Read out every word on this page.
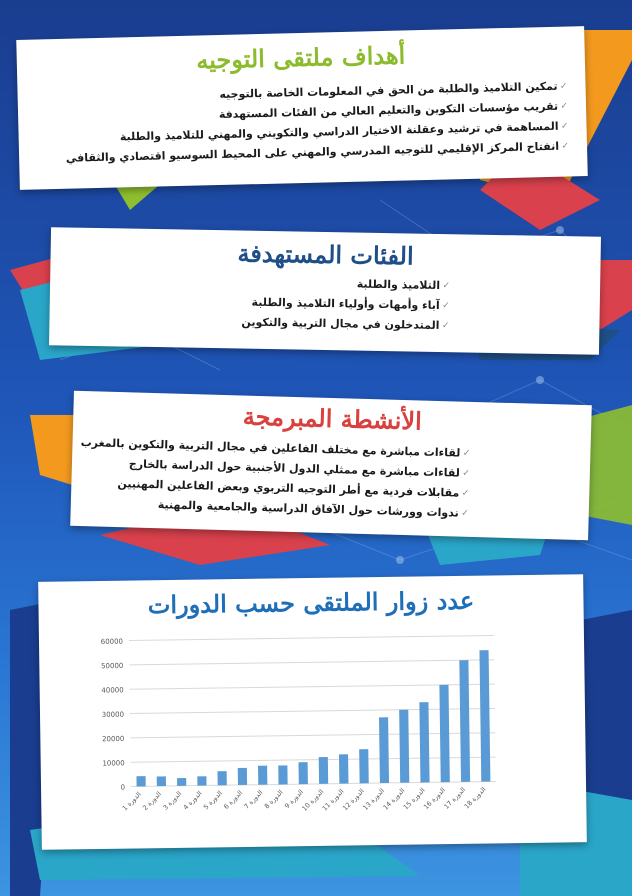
أهداف ملتقى التوجيه
✓
تمكين التلاميذ والطلبة من الحق في المعلومات الخاصة بالتوجيه
✓
تقريب مؤسسات التكوين والتعليم العالي من الفئات المستهدفة
✓
المساهمة في ترشيد وعقلنة الاختيار الدراسي والتكويني والمهني للتلاميذ والطلبة
✓
انفتاح المركز الإقليمي للتوجيه المدرسي والمهني على المحيط السوسيو اقتصادي والثقافي
الفئات المستهدفة
✓
التلاميذ والطلبة
✓
آباء وأمهات وأولياء التلاميذ والطلبة
✓
المتدخلون في مجال التربية والتكوين
الأنشطة المبرمجة
✓
لقاءات مباشرة مع مختلف الفاعلين في مجال التربية والتكوين بالمغرب
✓
لقاءات مباشرة مع ممثلي الدول الأجنبية حول الدراسة بالخارج
✓
مقابلات فردية مع أطر التوجيه التربوي وبعض الفاعلين المهنيين
✓
ندوات وورشات حول الآفاق الدراسية والجامعية والمهنية
عدد زوار الملتقى حسب الدورات
0
10000
20000
30000
40000
50000
60000
الدورة 1
الدورة 2
الدورة 3
الدورة 4
الدورة 5
الدورة 6
الدورة 7
الدورة 8
الدورة 9
الدورة 10
الدورة 11
الدورة 12
الدورة 13
الدورة 14
الدورة 15
الدورة 16
الدورة 17
الدورة 18
